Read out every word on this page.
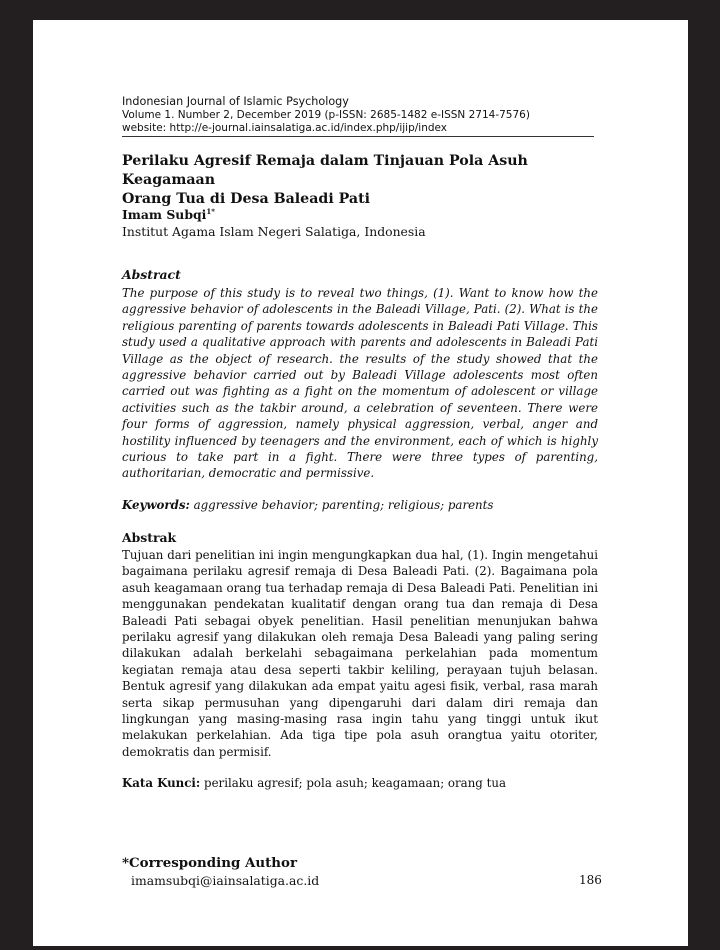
Indonesian Journal of Islamic Psychology
Volume 1. Number 2, December 2019 (p-ISSN: 2685-1482 e-ISSN 2714-7576)
website: http://e-journal.iainsalatiga.ac.id/index.php/ijip/index
Perilaku Agresif Remaja dalam Tinjauan Pola Asuh Keagamaan
Orang Tua di Desa Baleadi Pati
Imam Subqi$^{1*}$
Institut Agama Islam Negeri Salatiga, Indonesia
Abstract
The purpose of this study is to reveal two things, (1). Want to know how the aggressive behavior of adolescents in the Baleadi Village, Pati. (2). What is the religious parenting of parents towards adolescents in Baleadi Pati Village. This study used a qualitative approach with parents and adolescents in Baleadi Pati Village as the object of research. the results of the study showed that the aggressive behavior carried out by Baleadi Village adolescents most often carried out was fighting as a fight on the momentum of adolescent or village activities such as the takbir around, a celebration of seventeen. There were four forms of aggression, namely physical aggression, verbal, anger and hostility influenced by teenagers and the environment, each of which is highly curious to take part in a fight. There were three types of parenting, authoritarian, democratic and permissive.
Keywords: aggressive behavior; parenting; religious; parents
Abstrak
Tujuan dari penelitian ini ingin mengungkapkan dua hal, (1). Ingin mengetahui bagaimana perilaku agresif remaja di Desa Baleadi Pati. (2). Bagaimana pola asuh keagamaan orang tua terhadap remaja di Desa Baleadi Pati. Penelitian ini menggunakan pendekatan kualitatif dengan orang tua dan remaja di Desa Baleadi Pati sebagai obyek penelitian. Hasil penelitian menunjukan bahwa perilaku agresif yang dilakukan oleh remaja Desa Baleadi yang paling sering dilakukan adalah berkelahi sebagaimana perkelahian pada momentum kegiatan remaja atau desa seperti takbir keliling, perayaan tujuh belasan. Bentuk agresif yang dilakukan ada empat yaitu agesi fisik, verbal, rasa marah serta sikap permusuhan yang dipengaruhi dari dalam diri remaja dan lingkungan yang masing-masing rasa ingin tahu yang tinggi untuk ikut melakukan perkelahian. Ada tiga tipe pola asuh orangtua yaitu otoriter, demokratis dan permisif.
Kata Kunci: perilaku agresif; pola asuh; keagamaan; orang tua
*Corresponding Author
imamsubqi@iainsalatiga.ac.id	186
